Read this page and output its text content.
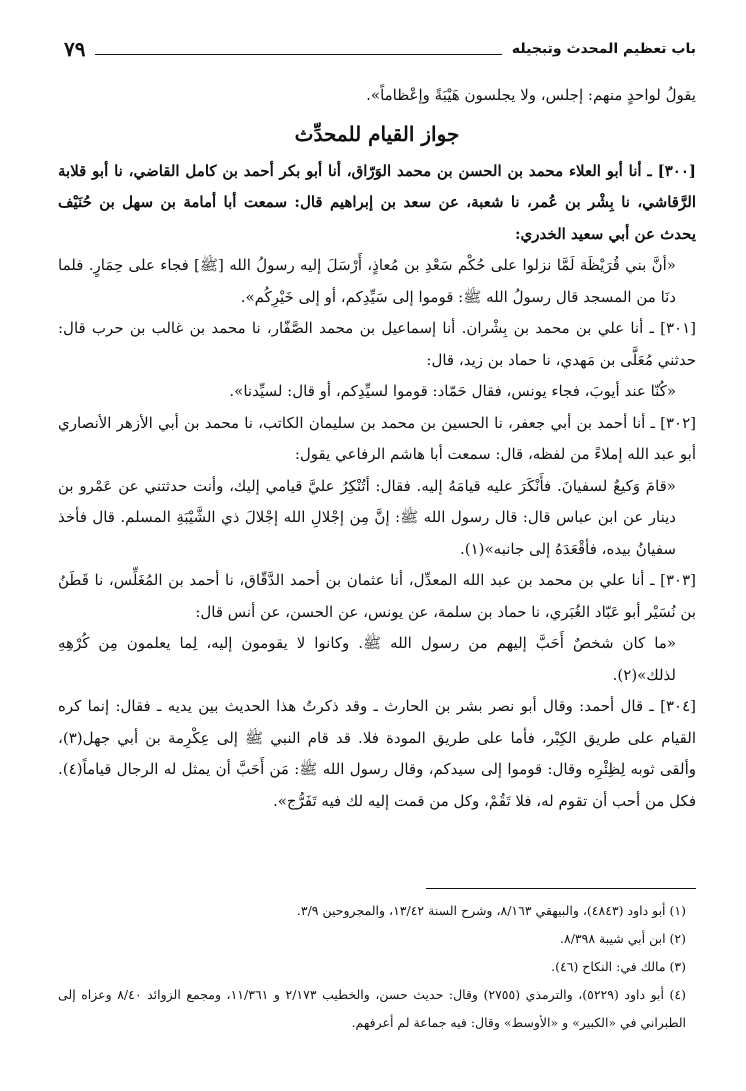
باب تعظيم المحدث وتبجيله
٧٩

يقولُ لواحدٍ منهم: إجلس، ولا يجلسون هَيْبَةً وإعْظاماً».

جواز القيام للمحدِّث

[٣٠٠] ـ أنا أبو العلاء محمد بن الحسن بن محمد الوَرّاق، أنا أبو بكر أحمد بن كامل القاضي، نا أبو قلابة الرَّقاشي، نا بِشْر بن عُمر، نا شعبة، عن سعد بن إبراهيم قال: سمعت أبا أمامة بن سهل بن حُنَيْف يحدث عن أبي سعيد الخدري:

«أنَّ بني قُرَيْظَة لَمَّا نزلوا على حُكْم سَعْدِ بن مُعاذٍ، أَرْسَلَ إليه رسولُ الله [ﷺ] فجاء على حِمَارٍ. فلما دنَا من المسجد قال رسولُ الله ﷺ: قوموا إلى سَيِّدِكم، أو إلى خَيْرِكُم».

[٣٠١] ـ أنا علي بن محمد بن بِشْران. أنا إسماعيل بن محمد الصَّفّار، نا محمد بن غالب بن حرب قال: حدثني مُعَلَّى بن مَهدي، نا حماد بن زيد، قال:

«كُنّا عند أيوبَ، فجاء يونس، فقال حَمّاد: قوموا لسيِّدِكم، أو قال: لسيِّدنا».

[٣٠٢] ـ أنا أحمد بن أبي جعفر، نا الحسين بن محمد بن سليمان الكاتب، نا محمد بن أبي الأزهر الأنصاري أبو عبد الله إملاءً من لفظه، قال: سمعت أبا هاشم الرفاعي يقول:

«قامَ وَكيعٌ لسفيانَ. فأَنْكَرَ عليه قيامَهُ إليه. فقال: أتُنْكِرُ عليَّ قيامي إليك، وأنت حدثتني عن عَمْرو بن دينار عن ابن عباس قال: قال رسول الله ﷺ: إنَّ مِن إجْلالِ الله إجْلالَ ذي الشَّيْبَةِ المسلم. قال فأخذ سفيانُ بيده، فأقْعَدَهُ إلى جانبه»(١).

[٣٠٣] ـ أنا علي بن محمد بن عبد الله المعدِّل، أنا عثمان بن أحمد الدَّقّاق، نا أحمد بن المُغَلِّس، نا قَطَنُ بن نُسَيْر أبو عَبّاد الغُبَري، نا حماد بن سلمة، عن يونس، عن الحسن، عن أنس قال:

«ما كان شخصٌ أَحَبَّ إليهم من رسول الله ﷺ. وكانوا لا يقومون إليه، لِما يعلمون مِن كُرْهِهِ لذلك»(٢).

[٣٠٤] ـ قال أحمد: وقال أبو نصر بشر بن الحارث ـ وقد ذكرتُ هذا الحديث بين يديه ـ فقال: إنما كره القيام على طريق الكِبْر، فأما على طريق المودة فلا. قد قام النبي ﷺ إلى عِكْرِمة بن أبي جهل(٣)، وألقى ثوبه لِظِئْرِه وقال: قوموا إلى سيدكم، وقال رسول الله ﷺ: مَن أَحَبَّ أن يمثل له الرجال قياماً(٤). فكل من أحب أن تقوم له، فلا تَقُمْ، وكل من قمت إليه لك فيه تَفَرُّج».

(١) أبو داود (٤٨٤٣)، والبيهقي ٨/١٦٣، وشرح السنة ١٣/٤٢، والمجروحين ٣/٩.

(٢) ابن أبي شيبة ٨/٣٩٨.

(٣) مالك في: النكاح (٤٦).

(٤) أبو داود (٥٢٢٩)، والترمذي (٢٧٥٥) وقال: حديث حسن، والخطيب ٢/١٧٣ و ١١/٣٦١، ومجمع الزوائد ٨/٤٠ وعزاه إلى الطبراني في «الكبير» و «الأوسط» وقال: فيه جماعة لم أعرفهم.
